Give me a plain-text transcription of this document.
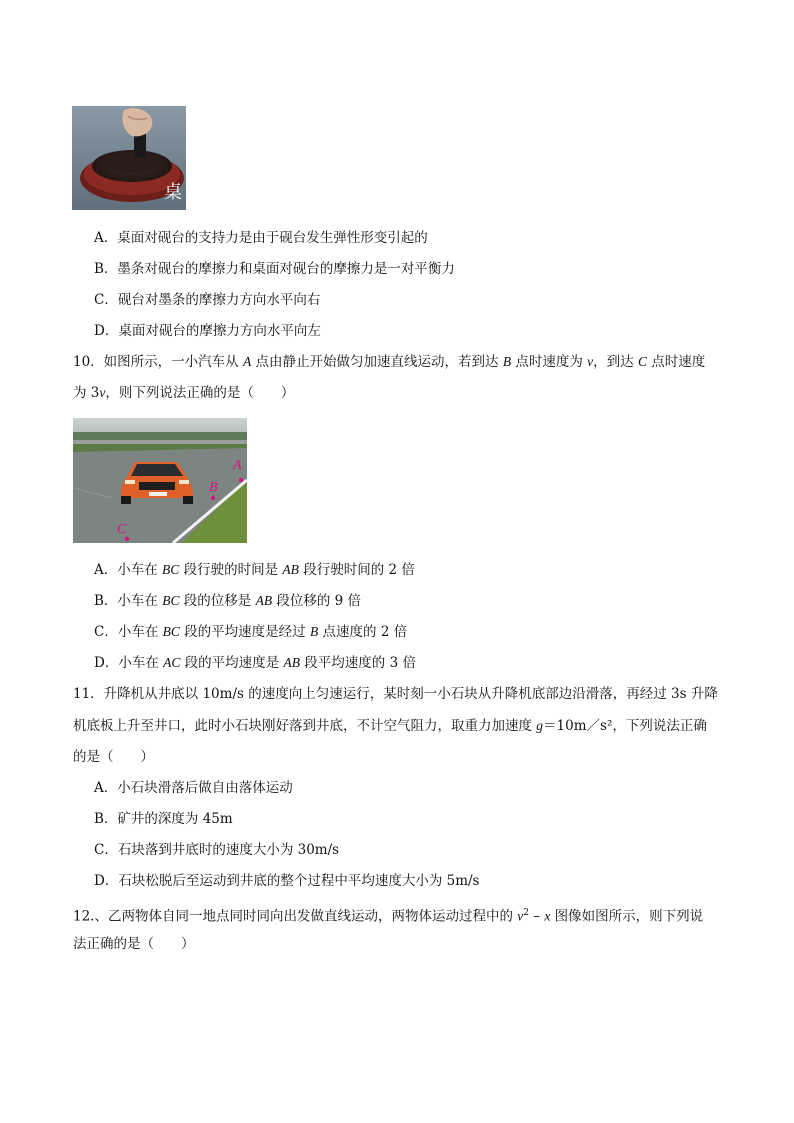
桌
A．桌面对砚台的支持力是由于砚台发生弹性形变引起的
B．墨条对砚台的摩擦力和桌面对砚台的摩擦力是一对平衡力
C．砚台对墨条的摩擦力方向水平向右
D．桌面对砚台的摩擦力方向水平向左
10．如图所示，一小汽车从 A 点由静止开始做匀加速直线运动，若到达 B 点时速度为 v，到达 C 点时速度
为 3v，则下列说法正确的是（　　）
A
B
C
A．小车在 BC 段行驶的时间是 AB 段行驶时间的 2 倍
B．小车在 BC 段的位移是 AB 段位移的 9 倍
C．小车在 BC 段的平均速度是经过 B 点速度的 2 倍
D．小车在 AC 段的平均速度是 AB 段平均速度的 3 倍
11．升降机从井底以 10m/s 的速度向上匀速运行，某时刻一小石块从升降机底部边沿滑落，再经过 3s 升降
机底板上升至井口，此时小石块刚好落到井底，不计空气阻力，取重力加速度 g＝10m／s²，下列说法正确
的是（　　）
A．小石块滑落后做自由落体运动
B．矿井的深度为 45m
C．石块落到井底时的速度大小为 30m/s
D．石块松脱后至运动到井底的整个过程中平均速度大小为 5m/s
12.、乙两物体自同一地点同时同向出发做直线运动，两物体运动过程中的 $v^2$ – x 图像如图所示，则下列说
法正确的是（　　）
